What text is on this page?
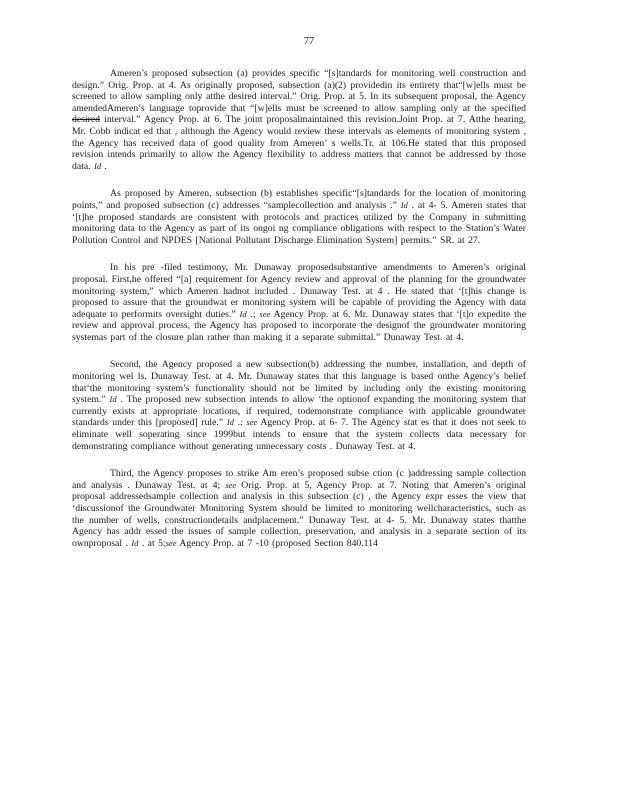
77

Ameren’s proposed subsection (a) provides specific “[s]tandards for monitoring well construction and design.” Orig. Prop. at 4. As originally proposed, subsection (a)(2) providedin its entirety that“[w]ells must be screened to allow sampling only atthe desired interval.” Orig. Prop. at 5. In its subsequent proposal, the Agency amendedAmeren’s language toprovide that “[w]ells must be screened to allow sampling only at the specified desired interval.” Agency Prop. at 6. The joint proposalmaintained this revision.Joint Prop. at 7. Atthe hearing, Mr. Cobb indicat ed that , although the Agency would review these intervals as elements of monitoring system , the Agency has received data of good quality from Ameren’ s wells.Tr. at 106.He stated that this proposed revision intends primarily to allow the Agency flexibility to address matters that cannot be addressed by those data. Id .

As proposed by Ameren, subsection (b) establishes specific“[s]tandards for the location of monitoring points,” and proposed subsection (c) addresses “samplecollection and analysis .” Id . at 4- 5. Ameren states that ‘[t]he proposed standards are consistent with protocols and practices utilized by the Company in submitting monitoring data to the Agency as part of its ongoi ng compliance obligations with respect to the Station’s Water Pollution Control and NPDES [National Pollutant Discharge Elimination System] permits.” SR. at 27.

In his pre -filed testimony, Mr. Dunaway proposedsubstantive amendments to Ameren’s original proposal. First,he offered “[a] requirement for Agency review and approval of the planning for the groundwater monitoring system,” which Ameren hadnot included . Dunaway Test. at 4 . He stated that ‘[t]his change is proposed to assure that the groundwat er monitoring system will be capable of providing the Agency with data adequate to performits oversight duties.” Id .; see Agency Prop. at 6. Mr. Dunaway states that ‘[t]o expedite the review and approval process, the Agency has proposed to incorporate the designof the groundwater monitoring systemas part of the closure plan rather than making it a separate submittal.” Dunaway Test. at 4.

Second, the Agency proposed a new subsection(b) addressing the number, installation, and depth of monitoring wel ls. Dunaway Test. at 4. Mr. Dunaway states that this language is based onthe Agency’s belief that‘the monitoring system’s functionality should not be limited by including only the existing monitoring system.” Id . The proposed new subsection intends to allow ‘the optionof expanding the monitoring system that currently exists at appropriate locations, if required, todemonstrate compliance with applicable groundwater standards under this [proposed] rule.” Id .; see Agency Prop. at 6- 7. The Agency stat es that it does not seek to eliminate well soperating since 1999but intends to ensure that the system collects data necessary for demonstrating compliance without generating unnecessary costs . Dunaway Test. at 4.

Third, the Agency proposes to strike Am eren’s proposed subse ction (c )addressing sample collection and analysis . Dunaway Test. at 4; see Orig. Prop. at 5, Agency Prop. at 7. Noting that Ameren’s original proposal addressedsample collection and analysis in this subsection (c) , the Agency expr esses the view that ‘discussionof the Groundwater Monitoring System should be limited to monitoring wellcharacteristics, such as the number of wells, constructiondetails andplacement.” Dunaway Test. at 4- 5. Mr. Dunaway states thatthe Agency has addr essed the issues of sample collection, preservation, and analysis in a separate section of its ownproposal . Id . at 5;see Agency Prop. at 7 -10 (proposed Section 840.114
